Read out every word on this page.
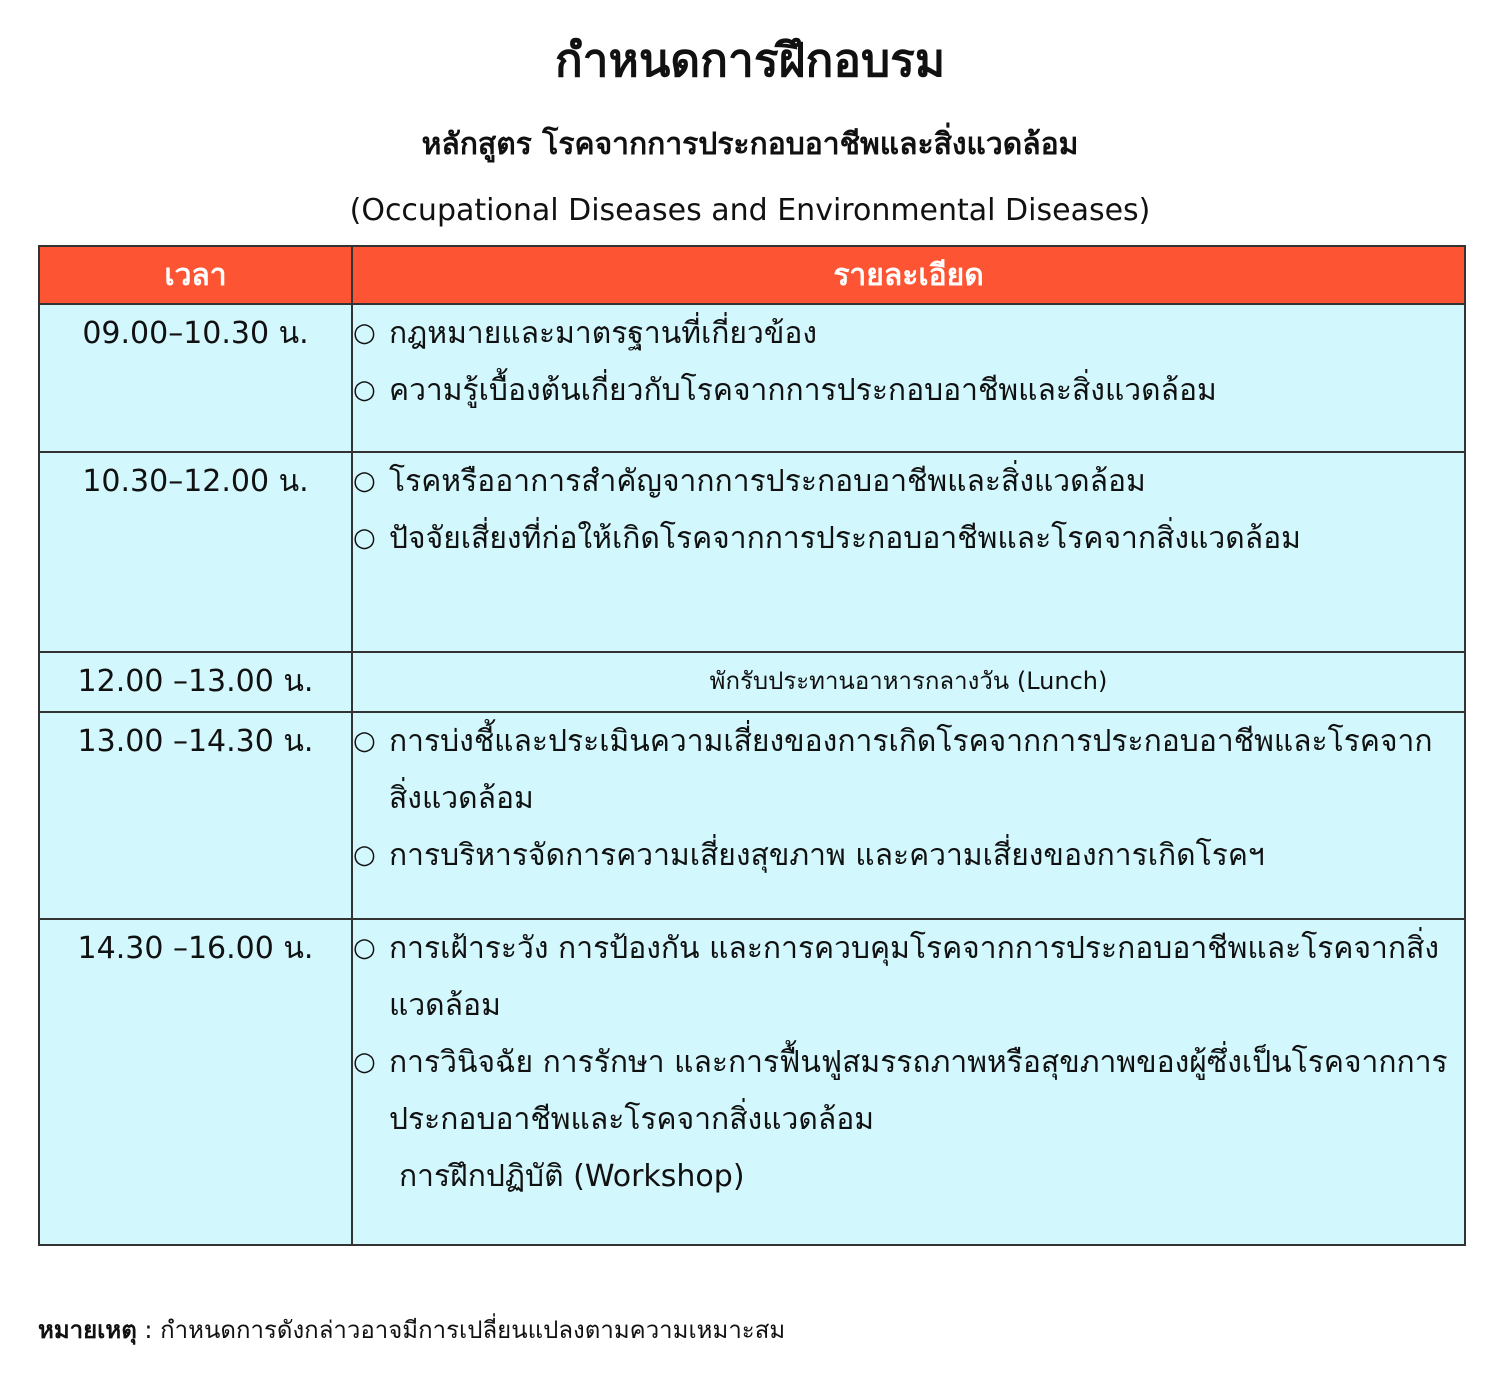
กำหนดการฝึกอบรม
หลักสูตร โรคจากการประกอบอาชีพและสิ่งแวดล้อม
(Occupational Diseases and Environmental Diseases)
เวลา	รายละเอียด
09.00–10.30 น.	○ กฎหมายและมาตรฐานที่เกี่ยวข้อง
○ ความรู้เบื้องต้นเกี่ยวกับโรคจากการประกอบอาชีพและสิ่งแวดล้อม

10.30–12.00 น.	○ โรคหรืออาการสำคัญจากการประกอบอาชีพและสิ่งแวดล้อม
○ ปัจจัยเสี่ยงที่ก่อให้เกิดโรคจากการประกอบอาชีพและโรคจากสิ่งแวดล้อม

12.00 –13.00 น.	พักรับประทานอาหารกลางวัน (Lunch)
13.00 –14.30 น.	○ การบ่งชี้และประเมินความเสี่ยงของการเกิดโรคจากการประกอบอาชีพและโรคจากสิ่งแวดล้อม
○ การบริหารจัดการความเสี่ยงสุขภาพ และความเสี่ยงของการเกิดโรคฯ

14.30 –16.00 น.	○ การเฝ้าระวัง การป้องกัน และการควบคุมโรคจากการประกอบอาชีพและโรคจากสิ่งแวดล้อม
○ การวินิจฉัย การรักษา และการฟื้นฟูสมรรถภาพหรือสุขภาพของผู้ซึ่งเป็นโรคจากการประกอบอาชีพและโรคจากสิ่งแวดล้อม
การฝึกปฏิบัติ (Workshop)
หมายเหตุ : กำหนดการดังกล่าวอาจมีการเปลี่ยนแปลงตามความเหมาะสม
